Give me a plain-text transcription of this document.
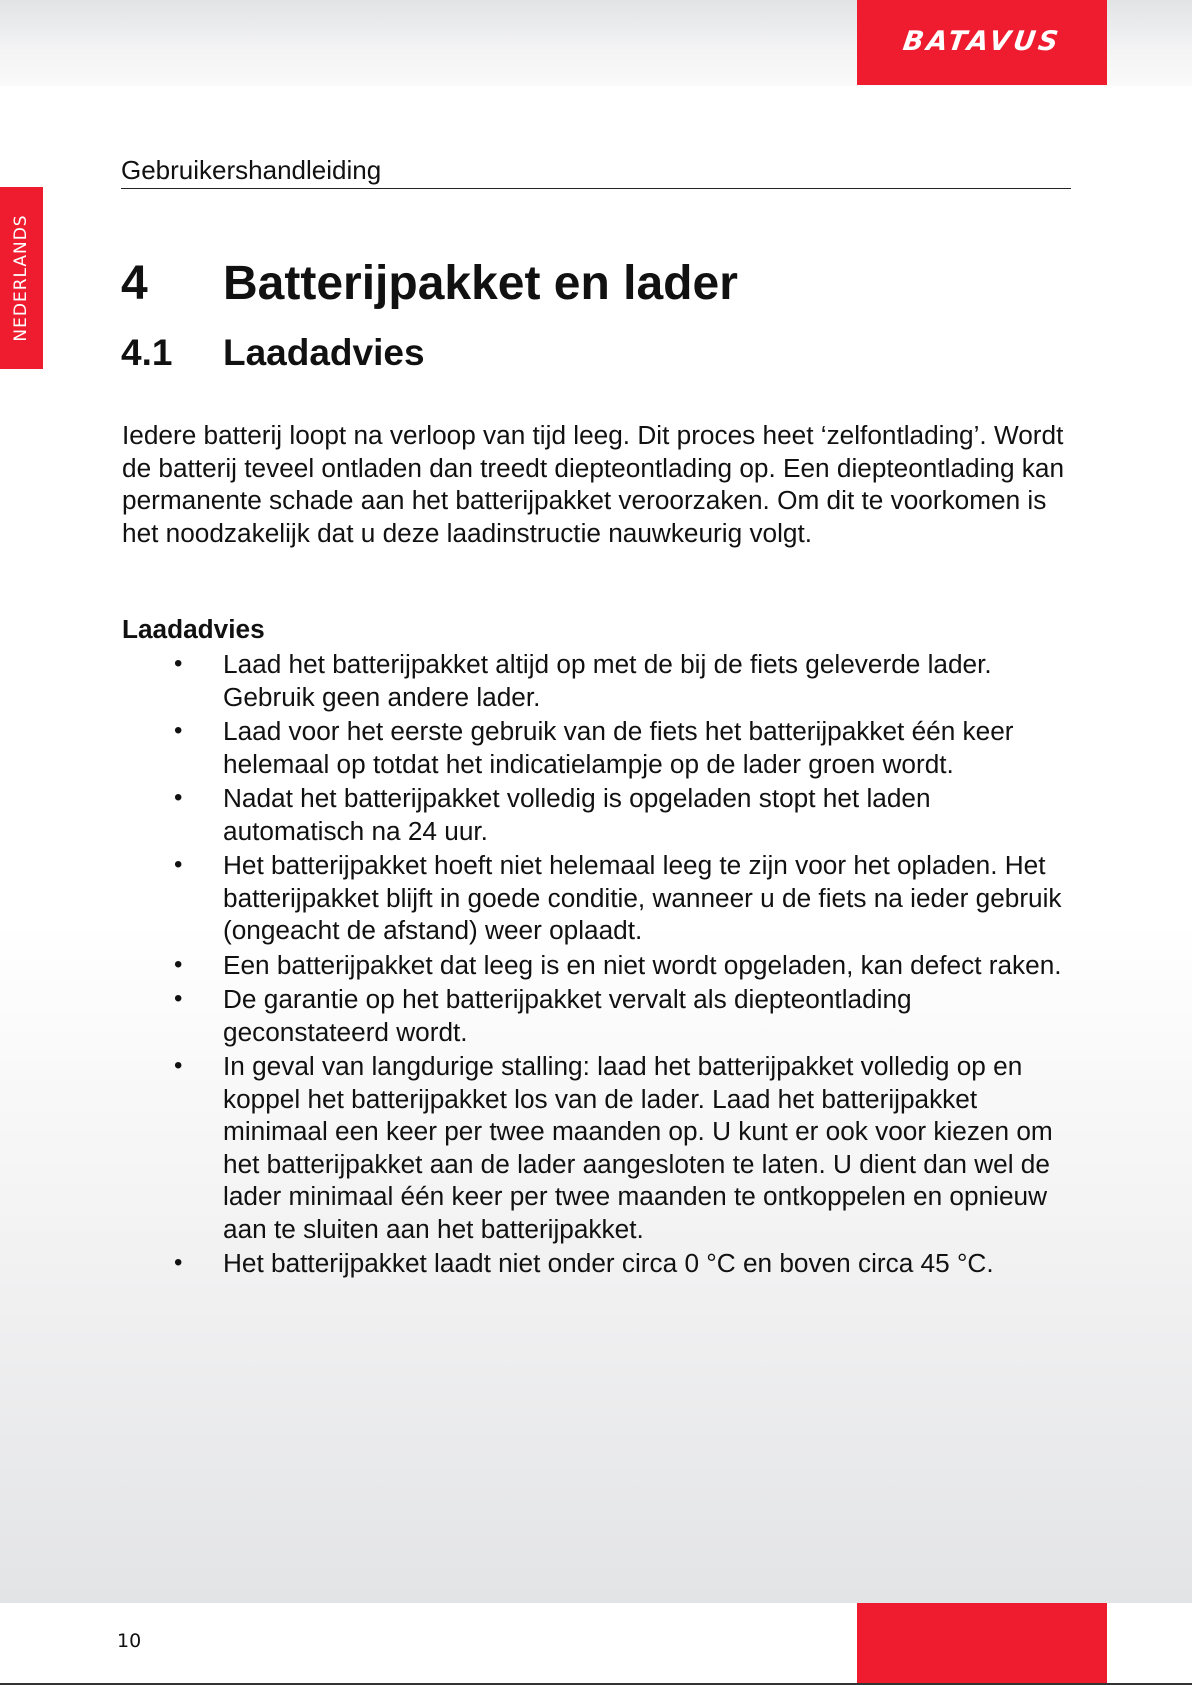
BATAVUS
NEDERLANDS
Gebruikershandleiding
4 Batterijpakket en lader
4.1 Laadadvies

Iedere batterij loopt na verloop van tijd leeg. Dit proces heet ‘zelfontlading’. Wordt de batterij teveel ontladen dan treedt diepteontlading op. Een diepteontlading kan permanente schade aan het batterijpakket veroorzaken. Om dit te voorkomen is het noodzakelijk dat u deze laadinstructie nauwkeurig volgt.

Laadadvies
• Laad het batterijpakket altijd op met de bij de fiets geleverde lader. Gebruik geen andere lader.
• Laad voor het eerste gebruik van de fiets het batterijpakket één keer helemaal op totdat het indicatielampje op de lader groen wordt.
• Nadat het batterijpakket volledig is opgeladen stopt het laden automatisch na 24 uur.
• Het batterijpakket hoeft niet helemaal leeg te zijn voor het opladen. Het batterijpakket blijft in goede conditie, wanneer u de fiets na ieder gebruik (ongeacht de afstand) weer oplaadt.
• Een batterijpakket dat leeg is en niet wordt opgeladen, kan defect raken.
• De garantie op het batterijpakket vervalt als diepteontlading geconstateerd wordt.
• In geval van langdurige stalling: laad het batterijpakket volledig op en koppel het batterijpakket los van de lader. Laad het batterijpakket minimaal een keer per twee maanden op. U kunt er ook voor kiezen om het batterijpakket aan de lader aangesloten te laten. U dient dan wel de lader minimaal één keer per twee maanden te ontkoppelen en opnieuw aan te sluiten aan het batterijpakket.
• Het batterijpakket laadt niet onder circa 0 °C en boven circa 45 °C.
10
